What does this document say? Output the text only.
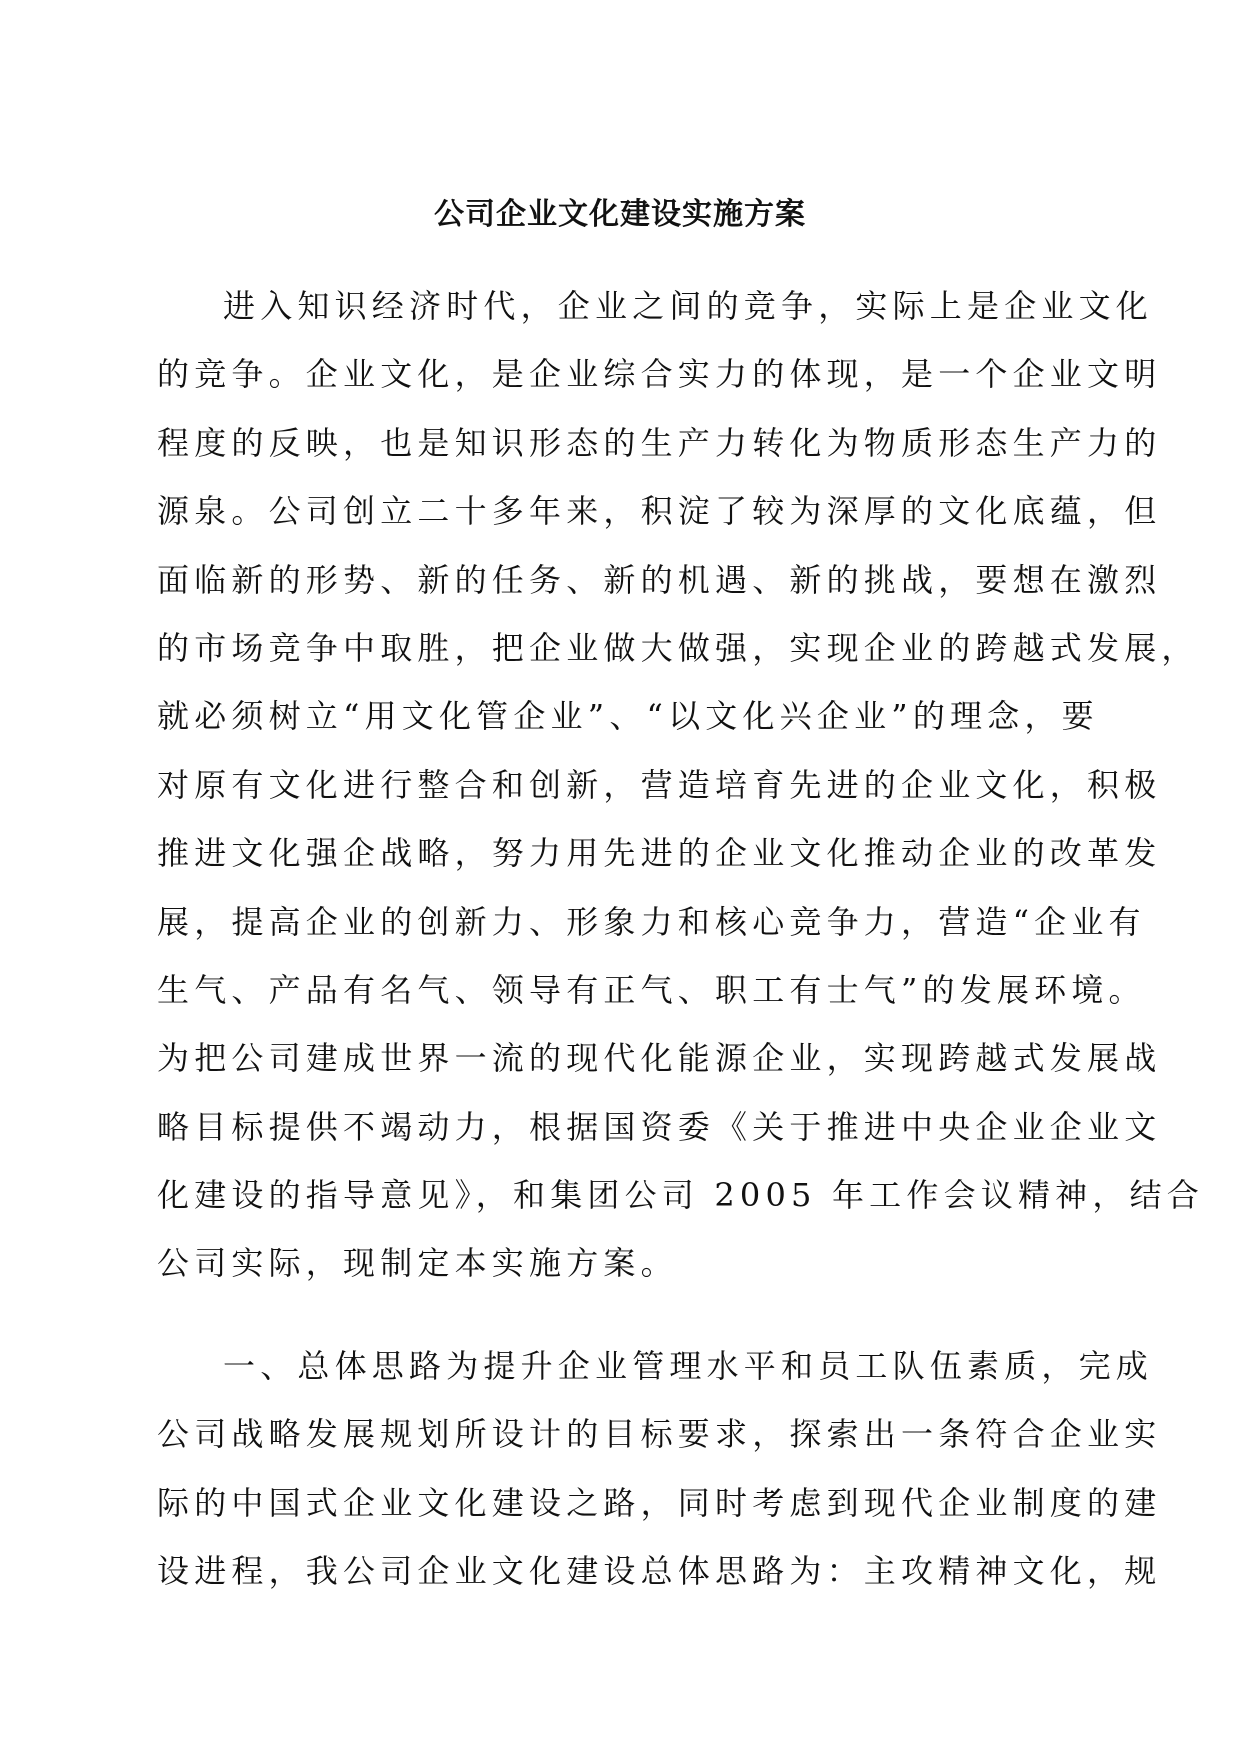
公司企业文化建设实施方案
进入知识经济时代，企业之间的竞争，实际上是企业文化
的竞争。企业文化，是企业综合实力的体现，是一个企业文明
程度的反映，也是知识形态的生产力转化为物质形态生产力的
源泉。公司创立二十多年来，积淀了较为深厚的文化底蕴，但
面临新的形势、新的任务、新的机遇、新的挑战，要想在激烈
的市场竞争中取胜，把企业做大做强，实现企业的跨越式发展，
就必须树立“用文化管企业”、“以文化兴企业”的理念，要
对原有文化进行整合和创新，营造培育先进的企业文化，积极
推进文化强企战略，努力用先进的企业文化推动企业的改革发
展，提高企业的创新力、形象力和核心竞争力，营造“企业有
生气、产品有名气、领导有正气、职工有士气”的发展环境。
为把公司建成世界一流的现代化能源企业，实现跨越式发展战
略目标提供不竭动力，根据国资委《关于推进中央企业企业文
化建设的指导意见》，和集团公司 2005 年工作会议精神，结合
公司实际，现制定本实施方案。
一、总体思路为提升企业管理水平和员工队伍素质，完成
公司战略发展规划所设计的目标要求，探索出一条符合企业实
际的中国式企业文化建设之路，同时考虑到现代企业制度的建
设进程，我公司企业文化建设总体思路为：主攻精神文化，规
